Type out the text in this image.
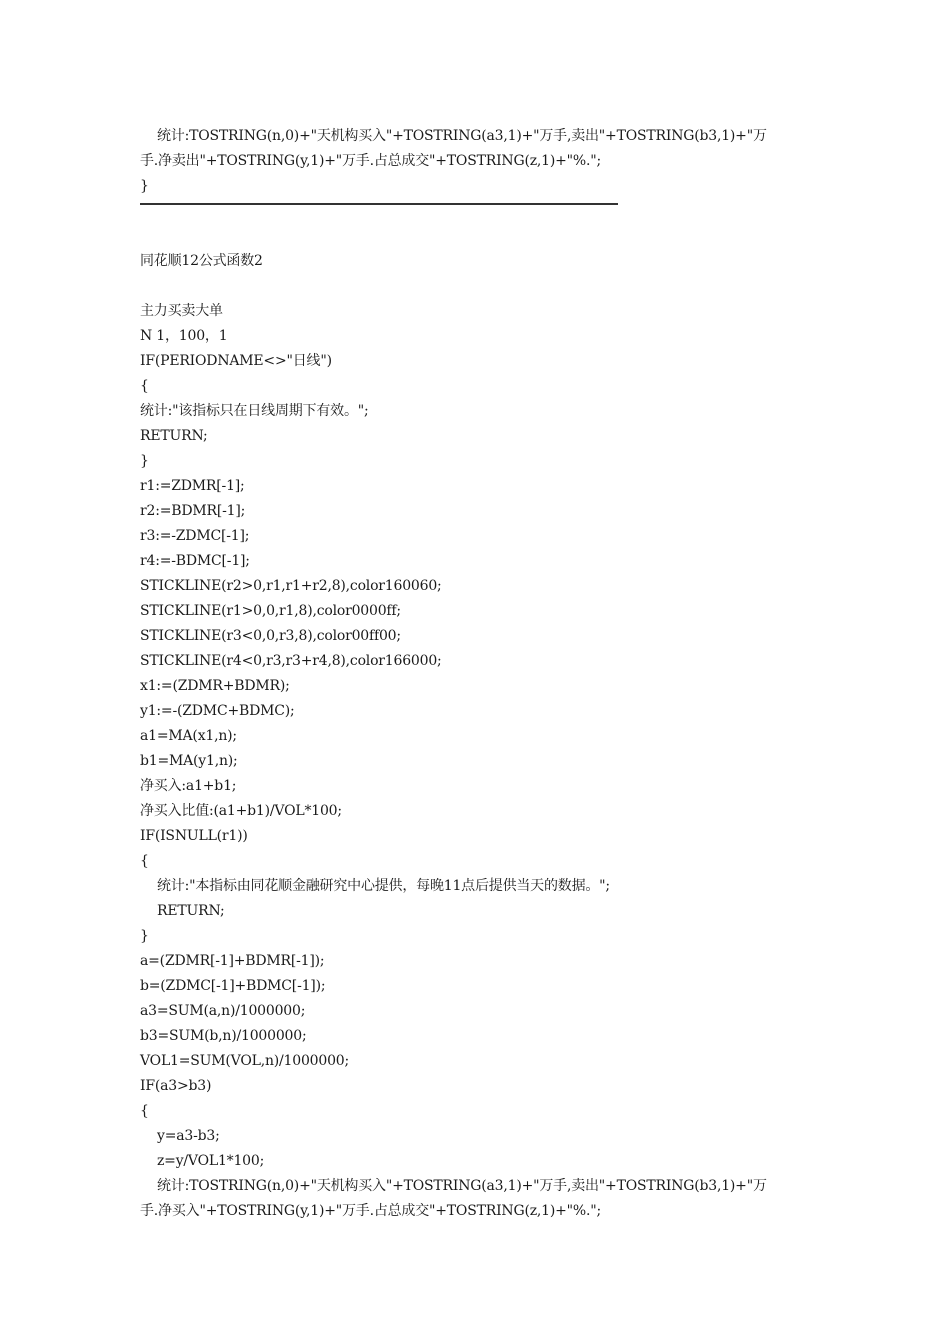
统计:TOSTRING(n,0)+"天机构买入"+TOSTRING(a3,1)+"万手,卖出"+TOSTRING(b3,1)+"万
手.净卖出"+TOSTRING(y,1)+"万手.占总成交"+TOSTRING(z,1)+"%.";
}
同花顺12公式函数2
主力买卖大单
N 1，100，1
IF(PERIODNAME<>"日线")
{
统计:"该指标只在日线周期下有效。";
RETURN;
}
r1:=ZDMR[-1];
r2:=BDMR[-1];
r3:=-ZDMC[-1];
r4:=-BDMC[-1];
STICKLINE(r2>0,r1,r1+r2,8),color160060;
STICKLINE(r1>0,0,r1,8),color0000ff;
STICKLINE(r3<0,0,r3,8),color00ff00;
STICKLINE(r4<0,r3,r3+r4,8),color166000;
x1:=(ZDMR+BDMR);
y1:=-(ZDMC+BDMC);
a1=MA(x1,n);
b1=MA(y1,n);
净买入:a1+b1;
净买入比值:(a1+b1)/VOL*100;
IF(ISNULL(r1))
{
统计:"本指标由同花顺金融研究中心提供，每晚11点后提供当天的数据。";
RETURN;
}
a=(ZDMR[-1]+BDMR[-1]);
b=(ZDMC[-1]+BDMC[-1]);
a3=SUM(a,n)/1000000;
b3=SUM(b,n)/1000000;
VOL1=SUM(VOL,n)/1000000;
IF(a3>b3)
{
y=a3-b3;
z=y/VOL1*100;
统计:TOSTRING(n,0)+"天机构买入"+TOSTRING(a3,1)+"万手,卖出"+TOSTRING(b3,1)+"万
手.净买入"+TOSTRING(y,1)+"万手.占总成交"+TOSTRING(z,1)+"%.";
